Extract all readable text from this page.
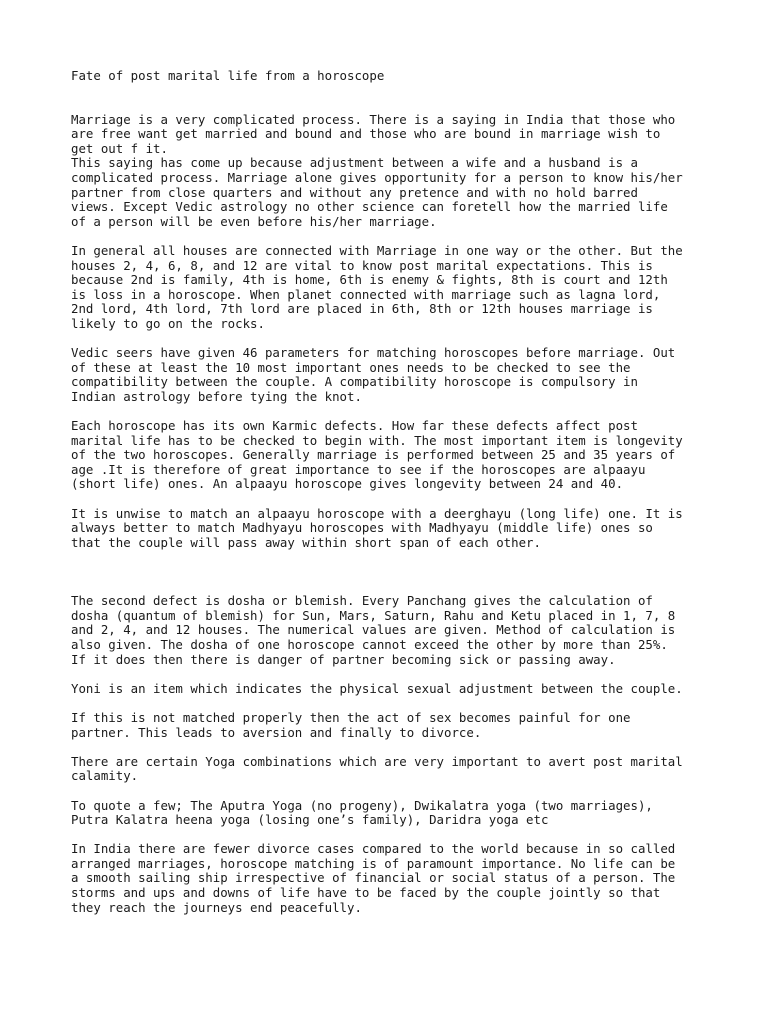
Fate of post marital life from a horoscope

Marriage is a very complicated process. There is a saying in India that those who
are free want get married and bound and those who are bound in marriage wish to
get out f it.

This saying has come up because adjustment between a wife and a husband is a
complicated process. Marriage alone gives opportunity for a person to know his/her
partner from close quarters and without any pretence and with no hold barred
views. Except Vedic astrology no other science can foretell how the married life
of a person will be even before his/her marriage.

In general all houses are connected with Marriage in one way or the other. But the
houses 2, 4, 6, 8, and 12 are vital to know post marital expectations. This is
because 2nd is family, 4th is home, 6th is enemy & fights, 8th is court and 12th
is loss in a horoscope. When planet connected with marriage such as lagna lord,
2nd lord, 4th lord, 7th lord are placed in 6th, 8th or 12th houses marriage is
likely to go on the rocks.

Vedic seers have given 46 parameters for matching horoscopes before marriage. Out
of these at least the 10 most important ones needs to be checked to see the
compatibility between the couple. A compatibility horoscope is compulsory in
Indian astrology before tying the knot.

Each horoscope has its own Karmic defects. How far these defects affect post
marital life has to be checked to begin with. The most important item is longevity
of the two horoscopes. Generally marriage is performed between 25 and 35 years of
age .It is therefore of great importance to see if the horoscopes are alpaayu
(short life) ones. An alpaayu horoscope gives longevity between 24 and 40.

It is unwise to match an alpaayu horoscope with a deerghayu (long life) one. It is
always better to match Madhyayu horoscopes with Madhyayu (middle life) ones so
that the couple will pass away within short span of each other.

The second defect is dosha or blemish. Every Panchang gives the calculation of
dosha (quantum of blemish) for Sun, Mars, Saturn, Rahu and Ketu placed in 1, 7, 8
and 2, 4, and 12 houses. The numerical values are given. Method of calculation is
also given. The dosha of one horoscope cannot exceed the other by more than 25%.
If it does then there is danger of partner becoming sick or passing away.

Yoni is an item which indicates the physical sexual adjustment between the couple.

If this is not matched properly then the act of sex becomes painful for one
partner. This leads to aversion and finally to divorce.

There are certain Yoga combinations which are very important to avert post marital
calamity.

To quote a few; The Aputra Yoga (no progeny), Dwikalatra yoga (two marriages),
Putra Kalatra heena yoga (losing one’s family), Daridra yoga etc

In India there are fewer divorce cases compared to the world because in so called
arranged marriages, horoscope matching is of paramount importance. No life can be
a smooth sailing ship irrespective of financial or social status of a person. The
storms and ups and downs of life have to be faced by the couple jointly so that
they reach the journeys end peacefully.
